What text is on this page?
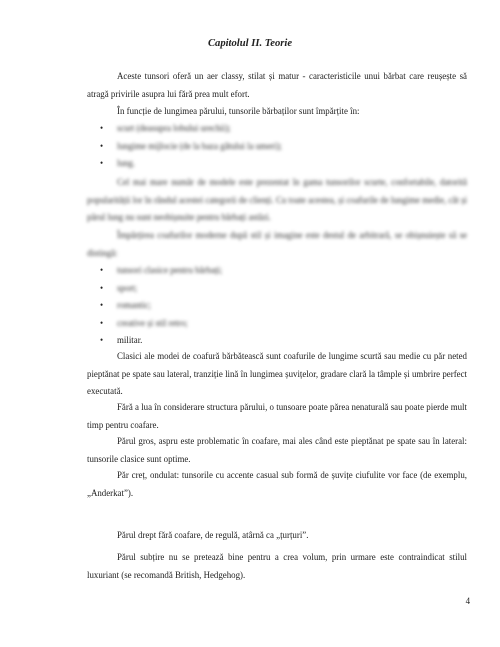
Capitolul II. Teorie

Aceste tunsori oferă un aer classy, stilat și matur - caracteristicile unui bărbat care reușește să atragă privirile asupra lui fără prea mult efort.

În funcție de lungimea părului, tunsorile bărbaților sunt împărțite în:

• scurt (deasupra lobului urechii);
• lungime mijlocie (de la baza gâtului la umeri);
• lung.

Cel mai mare număr de modele este prezentat în gama tunsorilor scurte, confortabile, datorită popularității lor în rândul acestei categorii de clienți. Cu toate acestea, și coafurile de lungime medie, cât și părul lung nu sunt neobișnuite pentru bărbați astăzi.

Împărțirea coafurilor moderne după stil și imagine este destul de arbitrară, se obișnuiește să se distingă:

• tunsori clasice pentru bărbați;
• sport;
• romantic;
• creative și stil retro;
• militar.

Clasici ale modei de coafură bărbătească sunt coafurile de lungime scurtă sau medie cu păr neted pieptănat pe spate sau lateral, tranziție lină în lungimea șuvițelor, gradare clară la tâmple și umbrire perfect executată.

Fără a lua în considerare structura părului, o tunsoare poate părea nenaturală sau poate pierde mult timp pentru coafare.

Părul gros, aspru este problematic în coafare, mai ales când este pieptănat pe spate sau în lateral: tunsorile clasice sunt optime.

Păr creț, ondulat: tunsorile cu accente casual sub formă de șuvițe ciufulite vor face (de exemplu, „Anderkat”).

Părul drept fără coafare, de regulă, atârnă ca „țurțuri”.

Părul subțire nu se pretează bine pentru a crea volum, prin urmare este contraindicat stilul luxuriant (se recomandă British, Hedgehog).

4
